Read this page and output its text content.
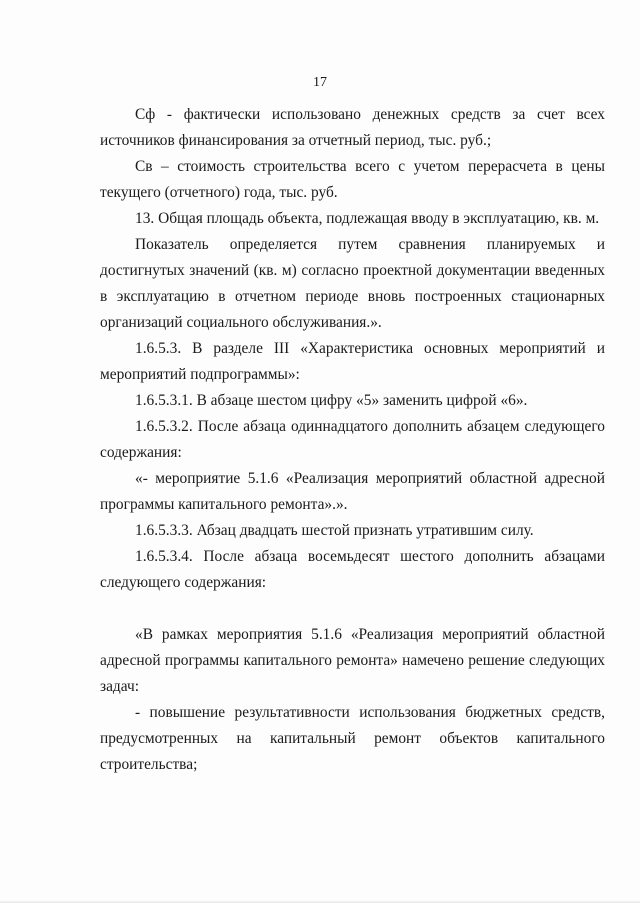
17

Сф - фактически использовано денежных средств за счет всех источников финансирования за отчетный период, тыс. руб.;

Св – стоимость строительства всего с учетом перерасчета в цены текущего (отчетного) года, тыс. руб.

13. Общая площадь объекта, подлежащая вводу в эксплуатацию, кв. м.

Показатель определяется путем сравнения планируемых и достигнутых значений (кв. м) согласно проектной документации введенных в эксплуатацию в отчетном периоде вновь построенных стационарных организаций социального обслуживания.».

1.6.5.3. В разделе III «Характеристика основных мероприятий и мероприятий подпрограммы»:

1.6.5.3.1. В абзаце шестом цифру «5» заменить цифрой «6».

1.6.5.3.2. После абзаца одиннадцатого дополнить абзацем следующего содержания:

«- мероприятие 5.1.6 «Реализация мероприятий областной адресной программы капитального ремонта».».

1.6.5.3.3. Абзац двадцать шестой признать утратившим силу.

1.6.5.3.4. После абзаца восемьдесят шестого дополнить абзацами следующего содержания:

«В рамках мероприятия 5.1.6 «Реализация мероприятий областной адресной программы капитального ремонта» намечено решение следующих задач:

- повышение результативности использования бюджетных средств, предусмотренных на капитальный ремонт объектов капитального строительства;
